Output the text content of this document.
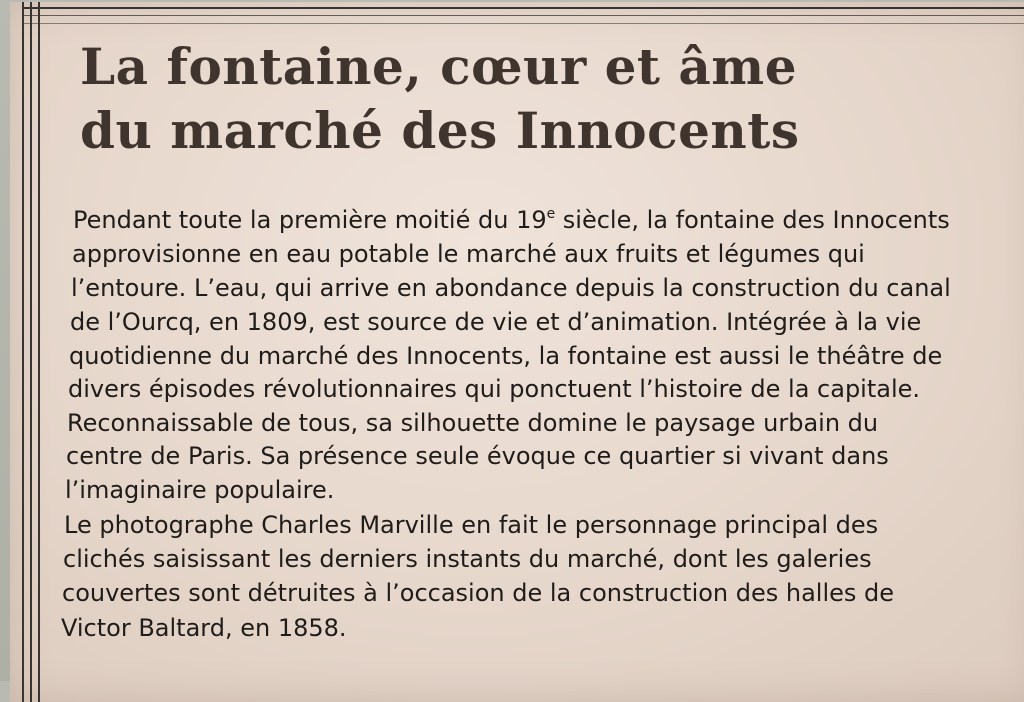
La fontaine, cœur et âme
du marché des Innocents

Pendant toute la première moitié du 19e siècle, la fontaine des Innocents

approvisionne en eau potable le marché aux fruits et légumes qui

l’entoure. L’eau, qui arrive en abondance depuis la construction du canal

de l’Ourcq, en 1809, est source de vie et d’animation. Intégrée à la vie

quotidienne du marché des Innocents, la fontaine est aussi le théâtre de

divers épisodes révolutionnaires qui ponctuent l’histoire de la capitale.

Reconnaissable de tous, sa silhouette domine le paysage urbain du

centre de Paris. Sa présence seule évoque ce quartier si vivant dans

l’imaginaire populaire.

Le photographe Charles Marville en fait le personnage principal des

clichés saisissant les derniers instants du marché, dont les galeries

couvertes sont détruites à l’occasion de la construction des halles de

Victor Baltard, en 1858.
